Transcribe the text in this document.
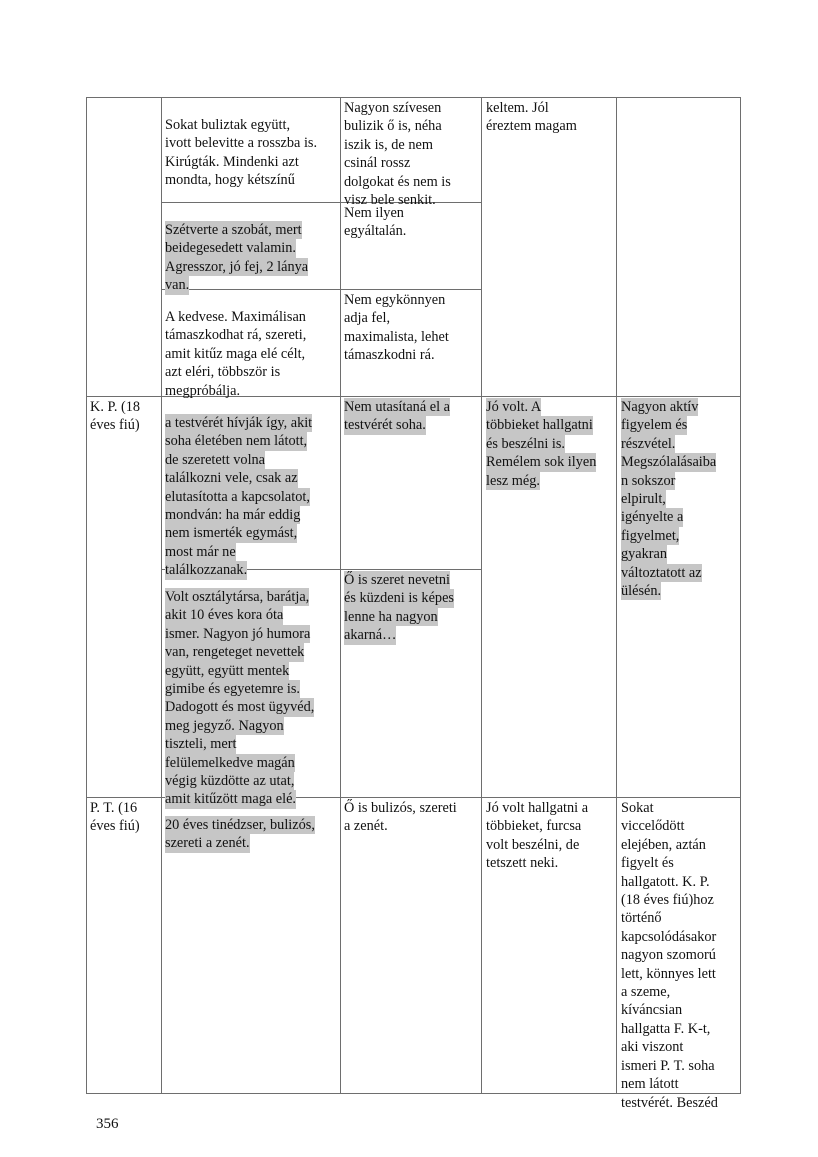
Sokat buliztak együtt,
ivott belevitte a rosszba is.
Kirúgták. Mindenki azt
mondta, hogy kétszínű
Nagyon szívesen
bulizik ő is, néha
iszik is, de nem
csinál rossz
dolgokat és nem is
visz bele senkit.
keltem. Jól
éreztem magam
Szétverte a szobát, mert
beidegesedett valamin.
Agresszor, jó fej, 2 lánya
van.
Nem ilyen
egyáltalán.
A kedvese. Maximálisan
támaszkodhat rá, szereti,
amit kitűz maga elé célt,
azt eléri, többször is
megpróbálja.
Nem egykönnyen
adja fel,
maximalista, lehet
támaszkodni rá.
K. P. (18
éves fiú) a testvérét hívják így, akit
soha életében nem látott,
de szeretett volna
találkozni vele, csak az
elutasította a kapcsolatot,
mondván: ha már eddig
nem ismerték egymást,
most már ne
találkozzanak.
Nem utasítaná el a
testvérét soha.
Jó volt. A
többieket hallgatni
és beszélni is.
Remélem sok ilyen
lesz még.
Nagyon aktív
figyelem és
részvétel.
Megszólalásaiba
n sokszor
elpirult,
igényelte a
figyelmet,
gyakran
változtatott az
ülésén.
Volt osztálytársa, barátja,
akit 10 éves kora óta
ismer. Nagyon jó humora
van, rengeteget nevettek
együtt, együtt mentek
gimibe és egyetemre is.
Dadogott és most ügyvéd,
meg jegyző. Nagyon
tiszteli, mert
felülemelkedve magán
végig küzdötte az utat,
amit kitűzött maga elé.
Ő is szeret nevetni
és küzdeni is képes
lenne ha nagyon
akarná…
P. T. (16
éves fiú) 20 éves tinédzser, bulizós,
szereti a zenét.
Ő is bulizós, szereti
a zenét.
Jó volt hallgatni a
többieket, furcsa
volt beszélni, de
tetszett neki.
Sokat
viccelődött
elejében, aztán
figyelt és
hallgatott. K. P.
(18 éves fiú)hoz
történő
kapcsolódásakor
nagyon szomorú
lett, könnyes lett
a szeme,
kíváncsian
hallgatta F. K-t,
aki viszont
ismeri P. T. soha
nem látott
testvérét. Beszéd
356
